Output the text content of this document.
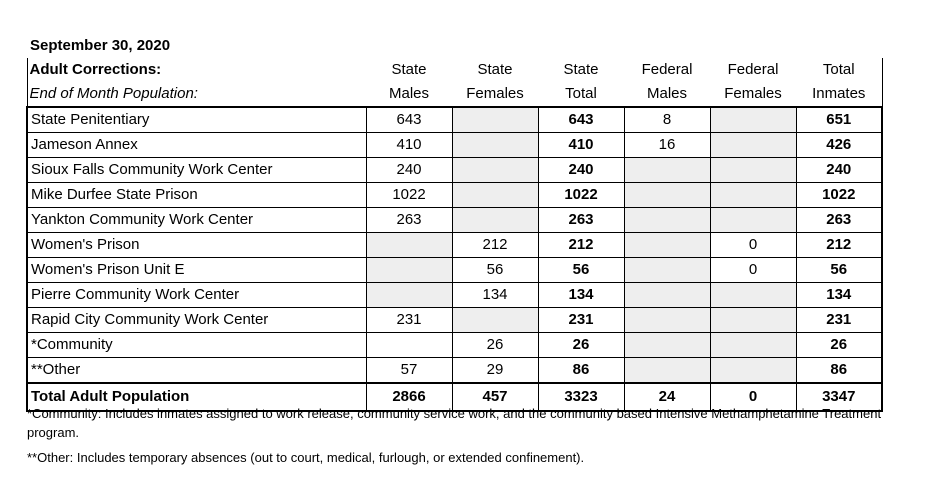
September 30, 2020
Adult Corrections:	State	State	State	Federal	Federal	Total
End of Month Population:	Males	Females	Total	Males	Females	Inmates
State Penitentiary	643		643	8		651
Jameson Annex	410		410	16		426
Sioux Falls Community Work Center	240		240			240
Mike Durfee State Prison	1022		1022			1022
Yankton Community Work Center	263		263			263
Women's Prison		212	212		0	212
Women's Prison Unit E		56	56		0	56
Pierre Community Work Center		134	134			134
Rapid City Community Work Center	231		231			231
*Community		26	26			26
**Other	57	29	86			86
Total Adult Population	2866	457	3323	24	0	3347
*Community: Includes inmates assigned to work release, community service work, and the community based Intensive Methamphetamine Treatment program.
**Other: Includes temporary absences (out to court, medical, furlough, or extended confinement).
